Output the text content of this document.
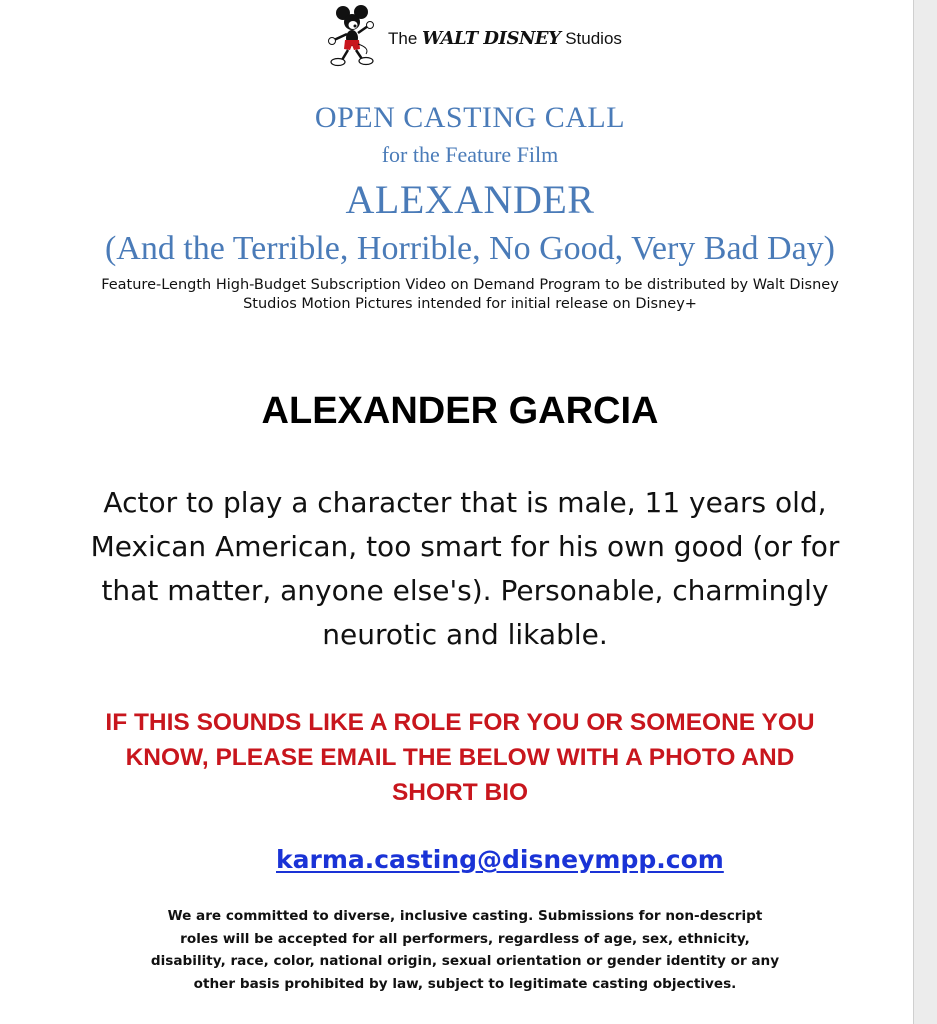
The WALT DISNEY Studios
OPEN CASTING CALL
for the Feature Film
ALEXANDER
(And the Terrible, Horrible, No Good, Very Bad Day)
Feature-Length High-Budget Subscription Video on Demand Program to be distributed by Walt Disney
Studios Motion Pictures intended for initial release on Disney+
ALEXANDER GARCIA
Actor to play a character that is male, 11 years old,
Mexican American, too smart for his own good (or for
that matter, anyone else's). Personable, charmingly
neurotic and likable.
IF THIS SOUNDS LIKE A ROLE FOR YOU OR SOMEONE YOU
KNOW, PLEASE EMAIL THE BELOW WITH A PHOTO AND
SHORT BIO
karma.casting@disneympp.com
We are committed to diverse, inclusive casting. Submissions for non-descript
roles will be accepted for all performers, regardless of age, sex, ethnicity,
disability, race, color, national origin, sexual orientation or gender identity or any
other basis prohibited by law, subject to legitimate casting objectives.
